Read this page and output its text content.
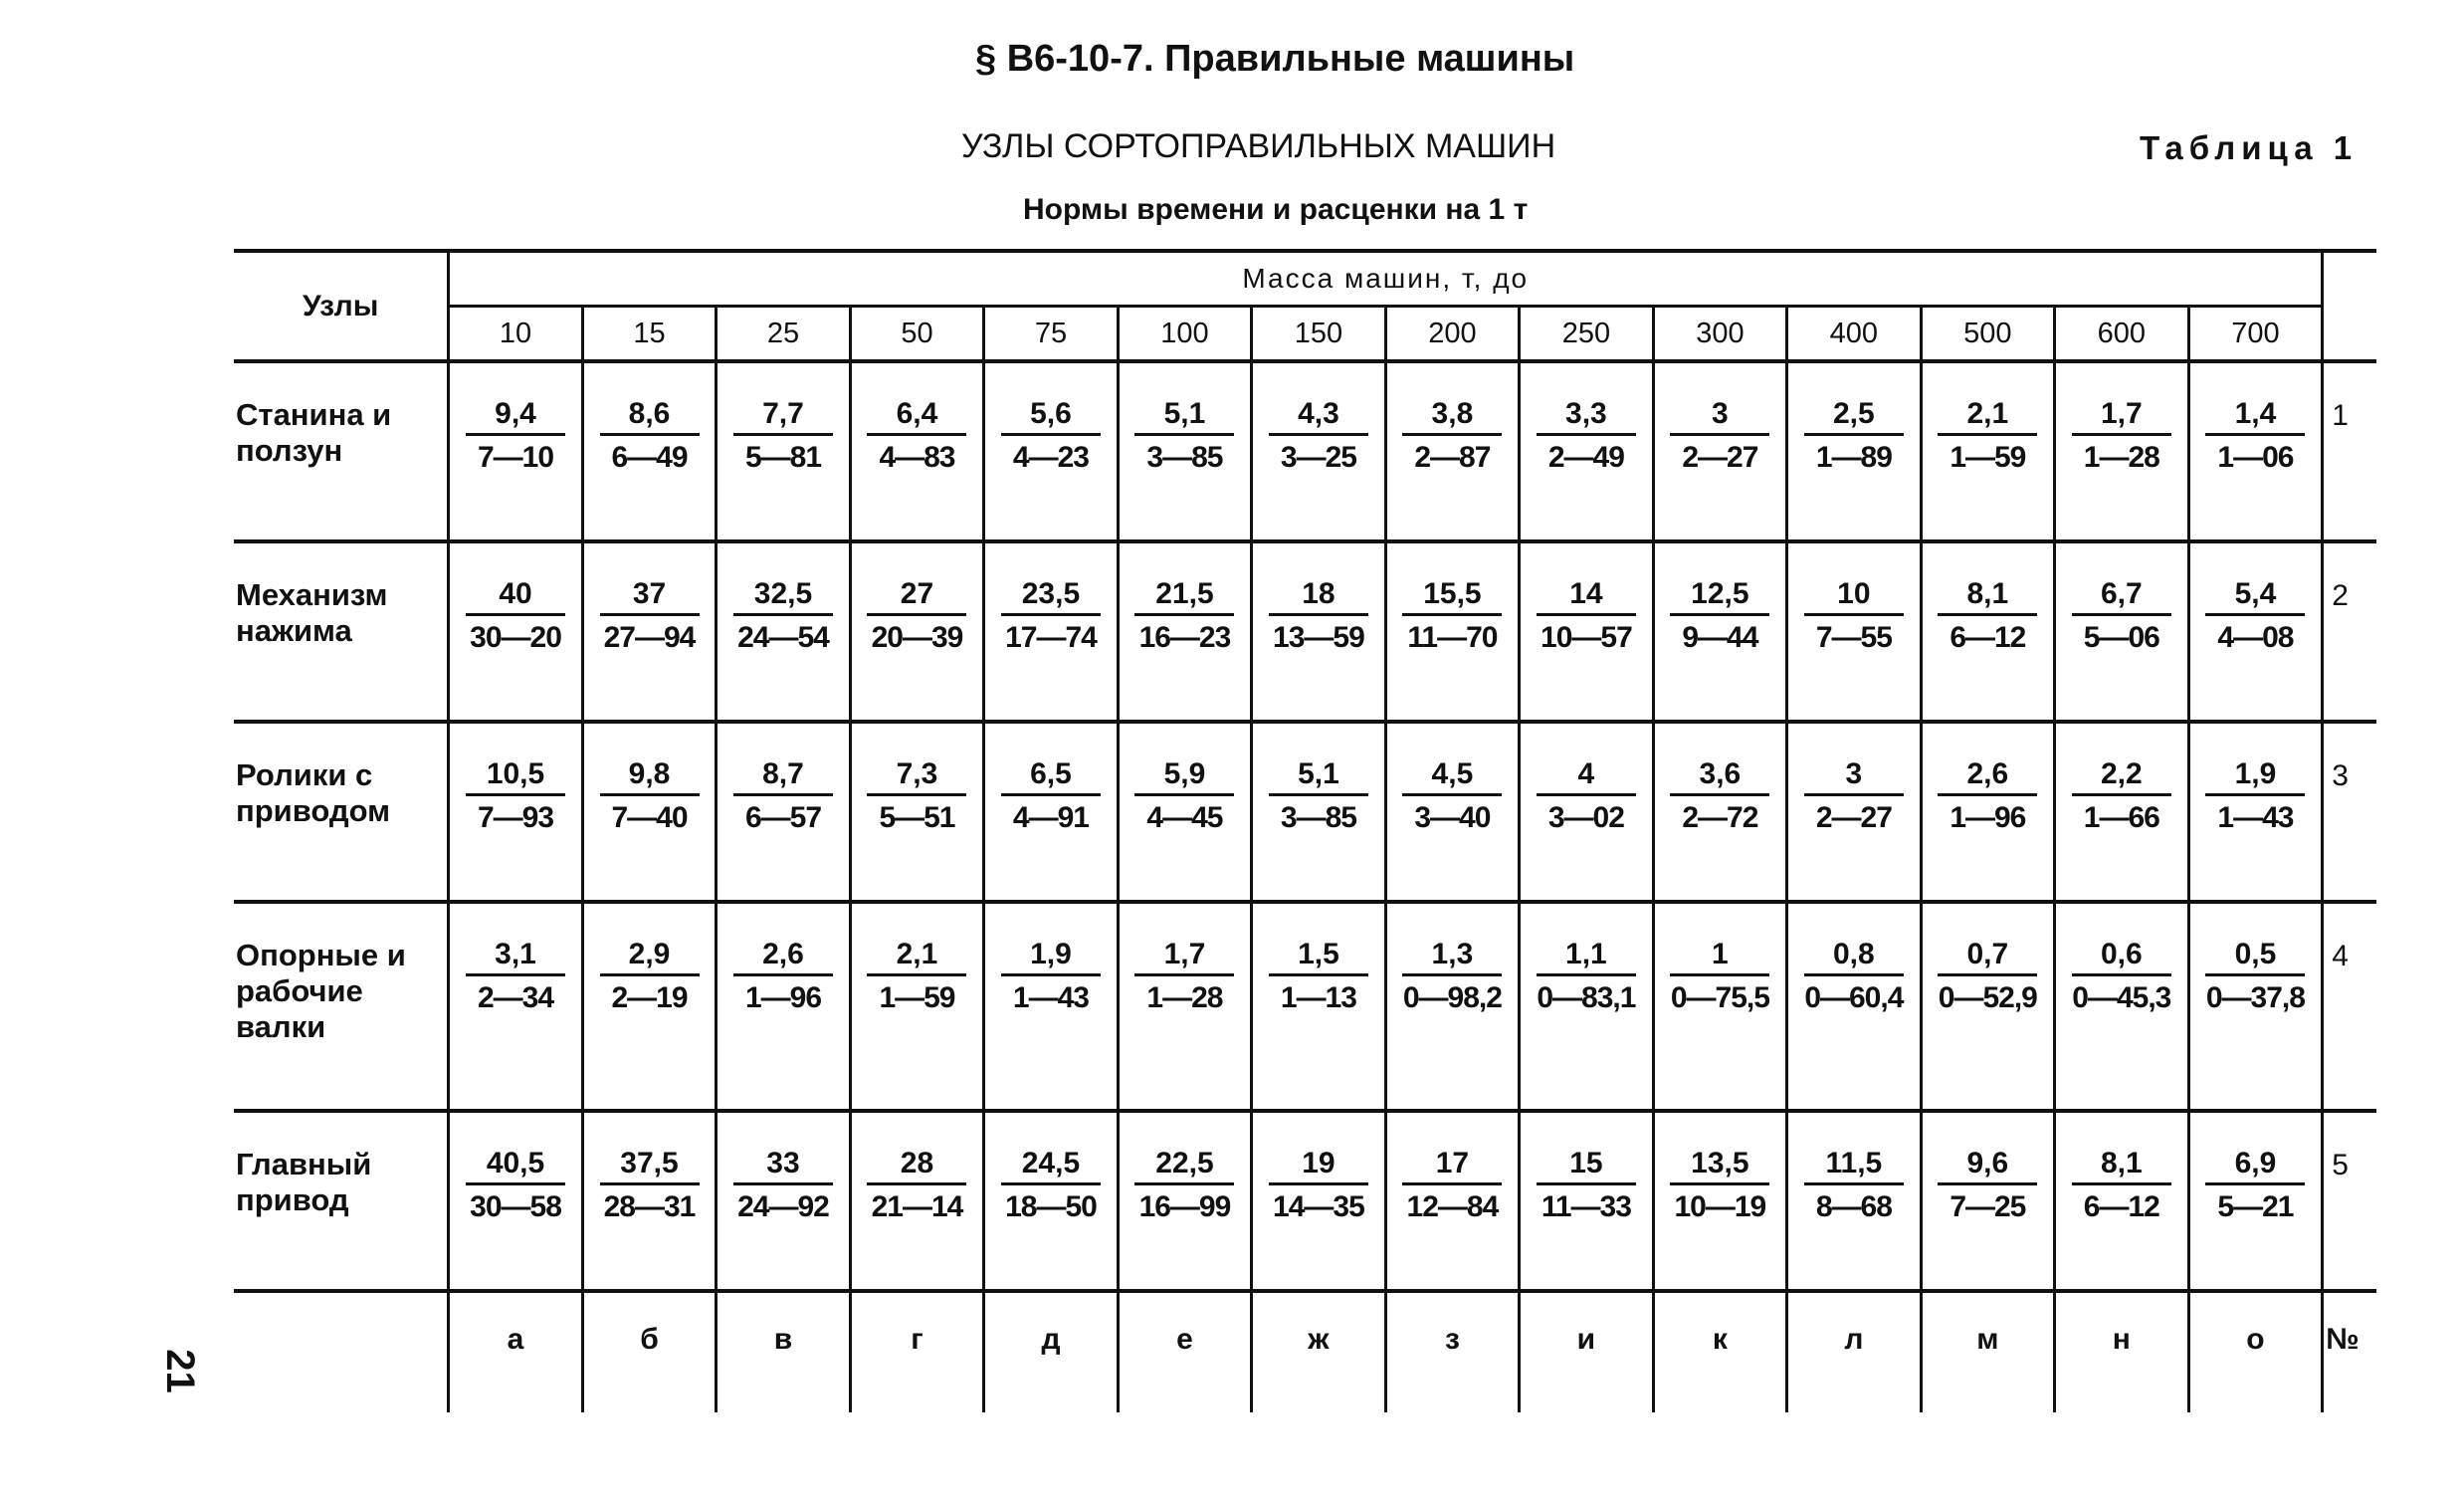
§ В6-10-7. Правильные машины
УЗЛЫ СОРТОПРАВИЛЬНЫХ МАШИН	Таблица 1
Нормы времени и расценки на 1 т
Узлы	Масса машин, т, до														
	10	15	25	50	75	100	150	200	250	300	400	500	600	700	

Станина и
ползун	$\frac{9,4}{7—10}$	$\frac{8,6}{6—49}$	$\frac{7,7}{5—81}$	$\frac{6,4}{4—83}$	$\frac{5,6}{4—23}$	$\frac{5,1}{3—85}$	$\frac{4,3}{3—25}$	$\frac{3,8}{2—87}$	$\frac{3,3}{2—49}$	$\frac{3}{2—27}$	$\frac{2,5}{1—89}$	$\frac{2,1}{1—59}$	$\frac{1,7}{1—28}$	$\frac{1,4}{1—06}$	1

Механизм
нажима	$\frac{40}{30—20}$	$\frac{37}{27—94}$	$\frac{32,5}{24—54}$	$\frac{27}{20—39}$	$\frac{23,5}{17—74}$	$\frac{21,5}{16—23}$	$\frac{18}{13—59}$	$\frac{15,5}{11—70}$	$\frac{14}{10—57}$	$\frac{12,5}{9—44}$	$\frac{10}{7—55}$	$\frac{8,1}{6—12}$	$\frac{6,7}{5—06}$	$\frac{5,4}{4—08}$	2

Ролики с
приводом	$\frac{10,5}{7—93}$	$\frac{9,8}{7—40}$	$\frac{8,7}{6—57}$	$\frac{7,3}{5—51}$	$\frac{6,5}{4—91}$	$\frac{5,9}{4—45}$	$\frac{5,1}{3—85}$	$\frac{4,5}{3—40}$	$\frac{4}{3—02}$	$\frac{3,6}{2—72}$	$\frac{3}{2—27}$	$\frac{2,6}{1—96}$	$\frac{2,2}{1—66}$	$\frac{1,9}{1—43}$	3

Опорные и
рабочие
валки	$\frac{3,1}{2—34}$	$\frac{2,9}{2—19}$	$\frac{2,6}{1—96}$	$\frac{2,1}{1—59}$	$\frac{1,9}{1—43}$	$\frac{1,7}{1—28}$	$\frac{1,5}{1—13}$	$\frac{1,3}{0—98,2}$	$\frac{1,1}{0—83,1}$	$\frac{1}{0—75,5}$	$\frac{0,8}{0—60,4}$	$\frac{0,7}{0—52,9}$	$\frac{0,6}{0—45,3}$	$\frac{0,5}{0—37,8}$	4

Главный
привод	$\frac{40,5}{30—58}$	$\frac{37,5}{28—31}$	$\frac{33}{24—92}$	$\frac{28}{21—14}$	$\frac{24,5}{18—50}$	$\frac{22,5}{16—99}$	$\frac{19}{14—35}$	$\frac{17}{12—84}$	$\frac{15}{11—33}$	$\frac{13,5}{10—19}$	$\frac{11,5}{8—68}$	$\frac{9,6}{7—25}$	$\frac{8,1}{6—12}$	$\frac{6,9}{5—21}$	5
	а	б	в	г	д	е	ж	з	и	к	л	м	н	о	№
21
